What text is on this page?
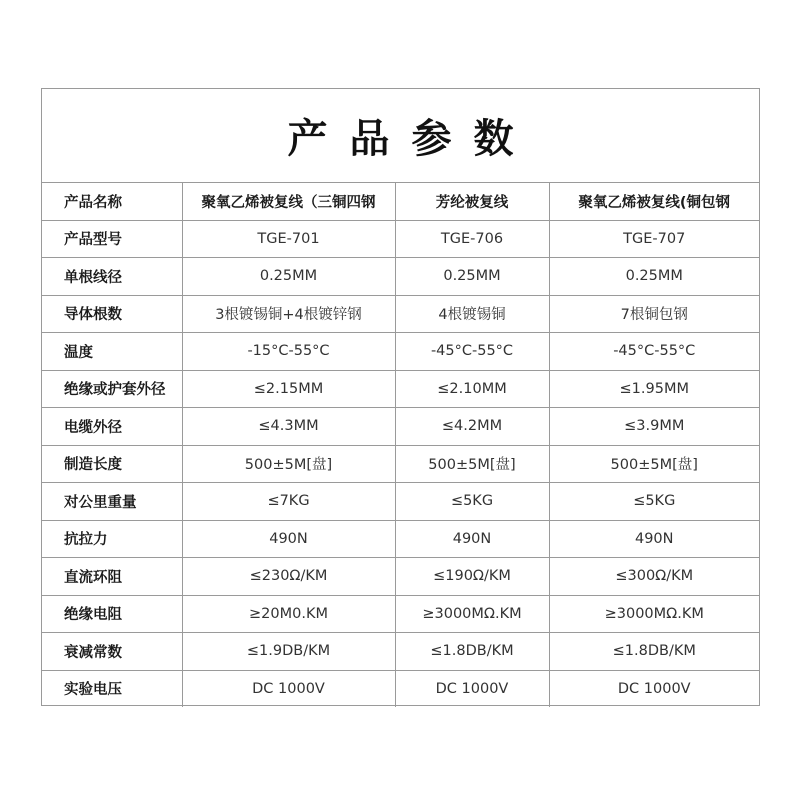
产品参数
产品名称	聚氧乙烯被复线（三铜四钢	芳纶被复线	聚氧乙烯被复线(铜包钢
产品型号	TGE-701	TGE-706	TGE-707
单根线径	0.25MM	0.25MM	0.25MM
导体根数	3根镀锡铜+4根镀锌钢	4根镀锡铜	7根铜包钢
温度	-15°C-55°C	-45°C-55°C	-45°C-55°C
绝缘或护套外径	≤2.15MM	≤2.10MM	≤1.95MM
电缆外径	≤4.3MM	≤4.2MM	≤3.9MM
制造长度	500±5M[盘]	500±5M[盘]	500±5M[盘]
对公里重量	≤7KG	≤5KG	≤5KG
抗拉力	490N	490N	490N
直流环阻	≤230Ω/KM	≤190Ω/KM	≤300Ω/KM
绝缘电阻	≥20M0.KM	≥3000MΩ.KM	≥3000MΩ.KM
衰减常数	≤1.9DB/KM	≤1.8DB/KM	≤1.8DB/KM
实验电压	DC 1000V	DC 1000V	DC 1000V
